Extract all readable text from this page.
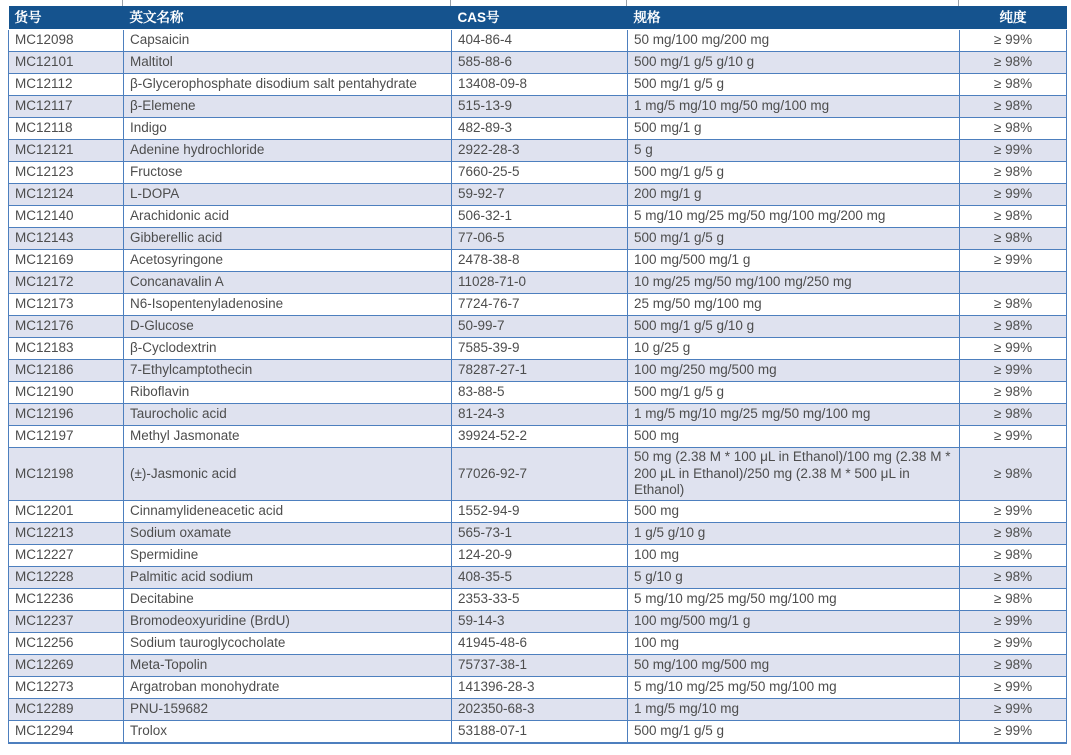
货号	英文名称	CAS号	规格	纯度
MC12098	Capsaicin	404-86-4	50 mg/100 mg/200 mg	≥ 99%
MC12101	Maltitol	585-88-6	500 mg/1 g/5 g/10 g	≥ 98%
MC12112	β-Glycerophosphate disodium salt pentahydrate	13408-09-8	500 mg/1 g/5 g	≥ 98%
MC12117	β-Elemene	515-13-9	1 mg/5 mg/10 mg/50 mg/100 mg	≥ 98%
MC12118	Indigo	482-89-3	500 mg/1 g	≥ 98%
MC12121	Adenine hydrochloride	2922-28-3	5 g	≥ 99%
MC12123	Fructose	7660-25-5	500 mg/1 g/5 g	≥ 98%
MC12124	L-DOPA	59-92-7	200 mg/1 g	≥ 99%
MC12140	Arachidonic acid	506-32-1	5 mg/10 mg/25 mg/50 mg/100 mg/200 mg	≥ 98%
MC12143	Gibberellic acid	77-06-5	500 mg/1 g/5 g	≥ 98%
MC12169	Acetosyringone	2478-38-8	100 mg/500 mg/1 g	≥ 99%
MC12172	Concanavalin A	11028-71-0	10 mg/25 mg/50 mg/100 mg/250 mg	
MC12173	N6-Isopentenyladenosine	7724-76-7	25 mg/50 mg/100 mg	≥ 98%
MC12176	D-Glucose	50-99-7	500 mg/1 g/5 g/10 g	≥ 98%
MC12183	β-Cyclodextrin	7585-39-9	10 g/25 g	≥ 99%
MC12186	7-Ethylcamptothecin	78287-27-1	100 mg/250 mg/500 mg	≥ 99%
MC12190	Riboflavin	83-88-5	500 mg/1 g/5 g	≥ 98%
MC12196	Taurocholic acid	81-24-3	1 mg/5 mg/10 mg/25 mg/50 mg/100 mg	≥ 98%
MC12197	Methyl Jasmonate	39924-52-2	500 mg	≥ 99%
MC12198	(±)-Jasmonic acid	77026-92-7	50 mg (2.38 M * 100 μL in Ethanol)/100 mg (2.38 M * 200 μL in Ethanol)/250 mg (2.38 M * 500 μL in Ethanol)	≥ 98%
MC12201	Cinnamylideneacetic acid	1552-94-9	500 mg	≥ 99%
MC12213	Sodium oxamate	565-73-1	1 g/5 g/10 g	≥ 98%
MC12227	Spermidine	124-20-9	100 mg	≥ 98%
MC12228	Palmitic acid sodium	408-35-5	5 g/10 g	≥ 98%
MC12236	Decitabine	2353-33-5	5 mg/10 mg/25 mg/50 mg/100 mg	≥ 98%
MC12237	Bromodeoxyuridine (BrdU)	59-14-3	100 mg/500 mg/1 g	≥ 99%
MC12256	Sodium tauroglycocholate	41945-48-6	100 mg	≥ 99%
MC12269	Meta-Topolin	75737-38-1	50 mg/100 mg/500 mg	≥ 98%
MC12273	Argatroban monohydrate	141396-28-3	5 mg/10 mg/25 mg/50 mg/100 mg	≥ 99%
MC12289	PNU-159682	202350-68-3	1 mg/5 mg/10 mg	≥ 99%
MC12294	Trolox	53188-07-1	500 mg/1 g/5 g	≥ 99%
